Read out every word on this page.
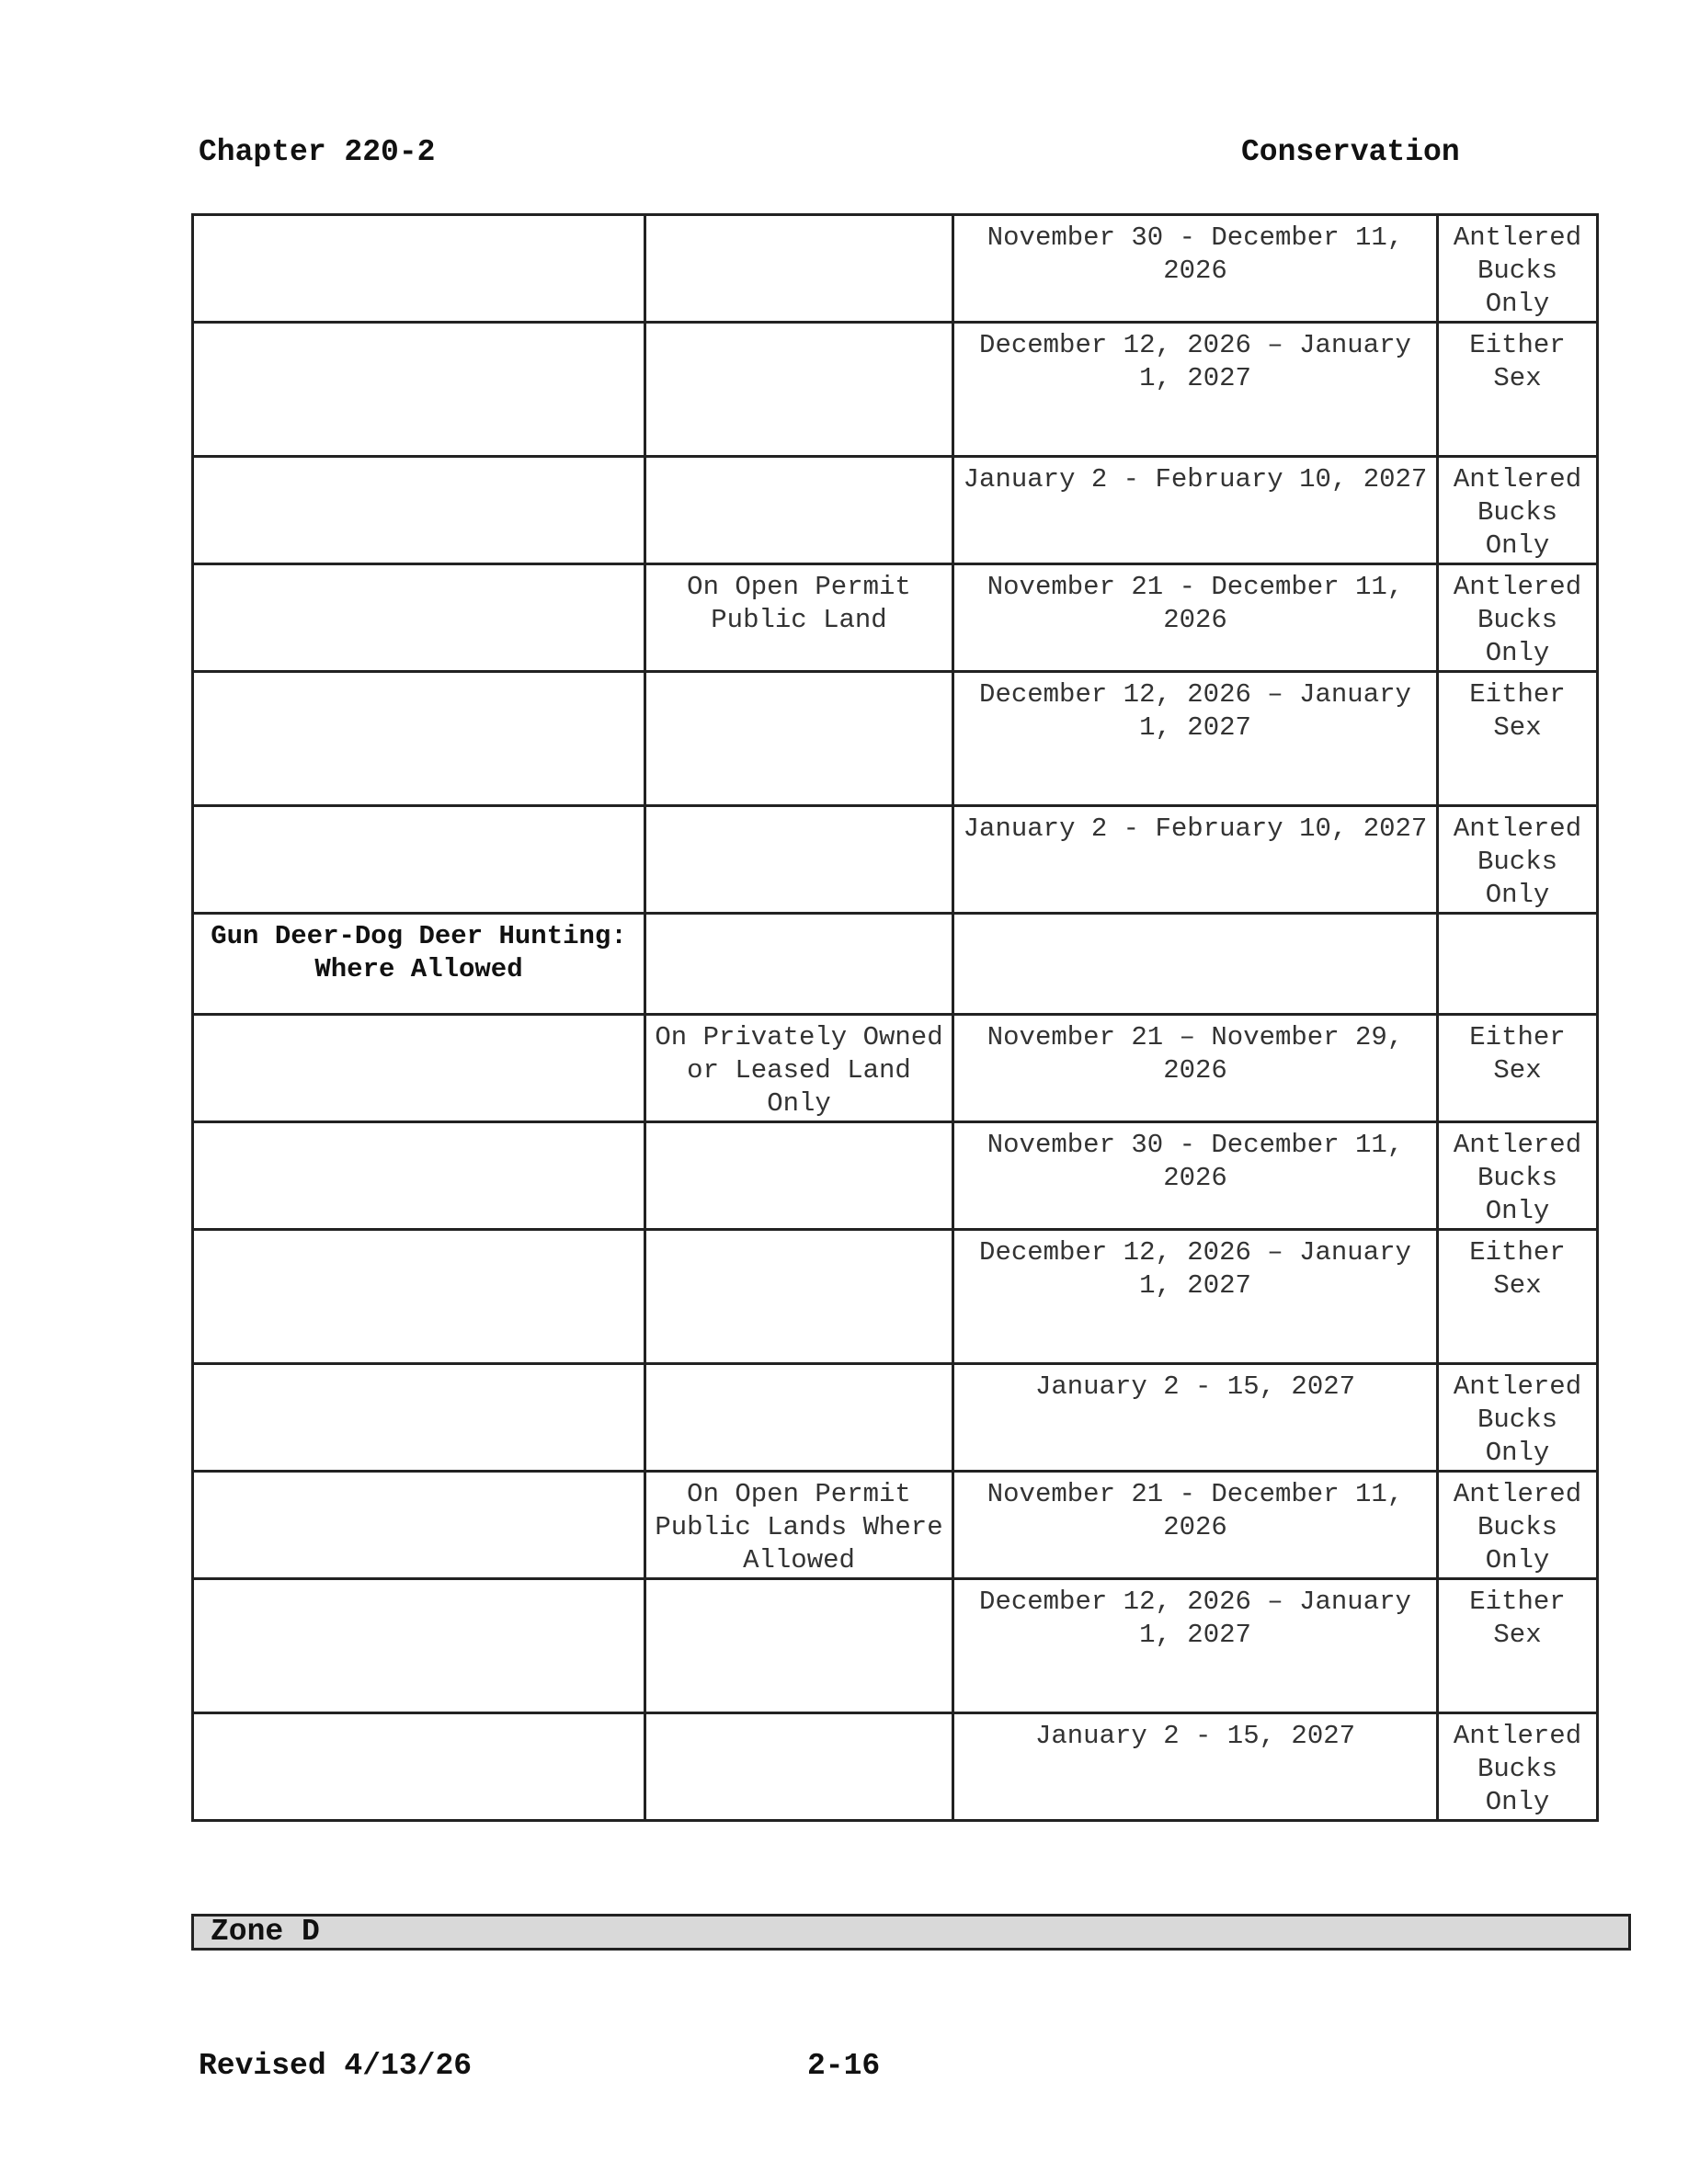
Chapter 220-2	Conservation
		November 30 - December 11, 2026	Antlered Bucks Only
		December 12, 2026 – January 1, 2027	Either Sex
		January 2 - February 10, 2027	Antlered Bucks Only
	On Open Permit Public Land	November 21 - December 11, 2026	Antlered Bucks Only
		December 12, 2026 – January 1, 2027	Either Sex
		January 2 - February 10, 2027	Antlered Bucks Only
Gun Deer-Dog Deer Hunting: Where Allowed			
	On Privately Owned or Leased Land Only	November 21 – November 29, 2026	Either Sex
		November 30 - December 11, 2026	Antlered Bucks Only
		December 12, 2026 – January 1, 2027	Either Sex
		January 2 - 15, 2027	Antlered Bucks Only
	On Open Permit Public Lands Where Allowed	November 21 - December 11, 2026	Antlered Bucks Only
		December 12, 2026 – January 1, 2027	Either Sex
		January 2 - 15, 2027	Antlered Bucks Only
Zone D
Revised 4/13/26	2-16
